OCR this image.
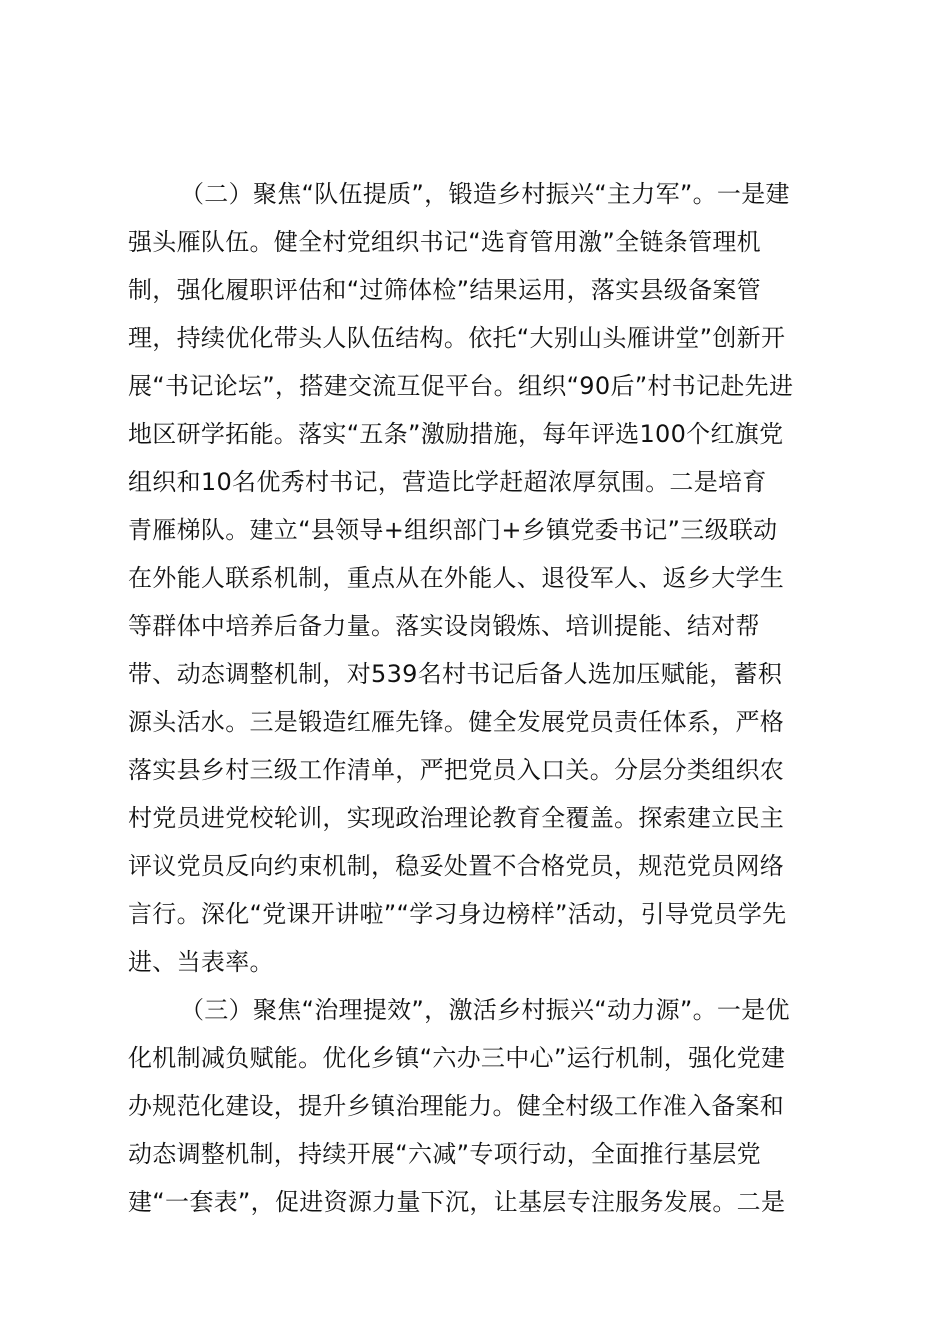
（二）聚焦“队伍提质”，锻造乡村振兴“主力军”。一是建
强头雁队伍。健全村党组织书记“选育管用激”全链条管理机
制，强化履职评估和“过筛体检”结果运用，落实县级备案管
理，持续优化带头人队伍结构。依托“大别山头雁讲堂”创新开
展“书记论坛”，搭建交流互促平台。组织“90后”村书记赴先进
地区研学拓能。落实“五条”激励措施，每年评选100个红旗党
组织和10名优秀村书记，营造比学赶超浓厚氛围。二是培育
青雁梯队。建立“县领导+组织部门+乡镇党委书记”三级联动
在外能人联系机制，重点从在外能人、退役军人、返乡大学生
等群体中培养后备力量。落实设岗锻炼、培训提能、结对帮
带、动态调整机制，对539名村书记后备人选加压赋能，蓄积
源头活水。三是锻造红雁先锋。健全发展党员责任体系，严格
落实县乡村三级工作清单，严把党员入口关。分层分类组织农
村党员进党校轮训，实现政治理论教育全覆盖。探索建立民主
评议党员反向约束机制，稳妥处置不合格党员，规范党员网络
言行。深化“党课开讲啦”“学习身边榜样”活动，引导党员学先
进、当表率。
（三）聚焦“治理提效”，激活乡村振兴“动力源”。一是优
化机制减负赋能。优化乡镇“六办三中心”运行机制，强化党建
办规范化建设，提升乡镇治理能力。健全村级工作准入备案和
动态调整机制，持续开展“六减”专项行动，全面推行基层党
建“一套表”，促进资源力量下沉，让基层专注服务发展。二是
